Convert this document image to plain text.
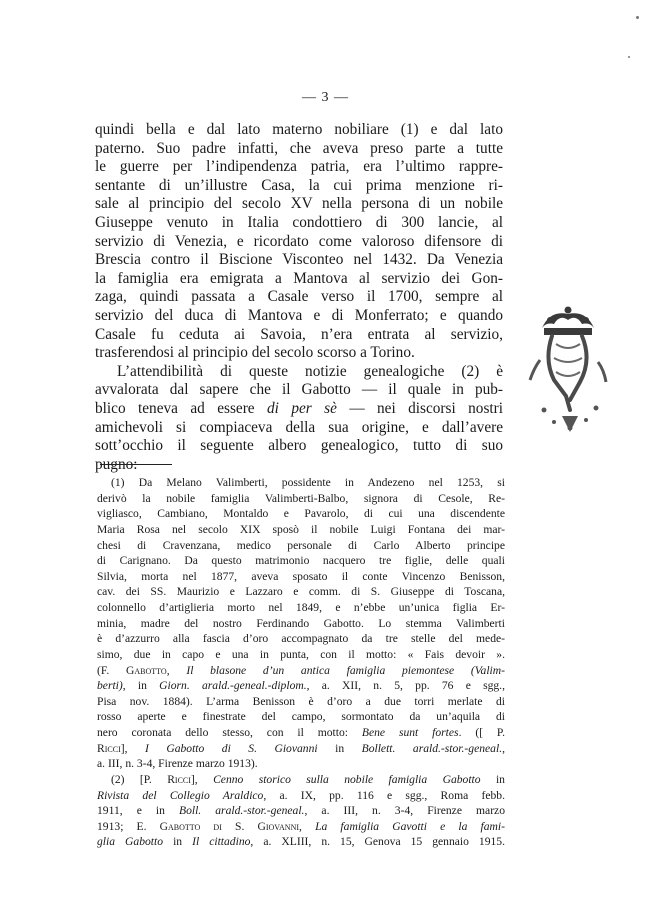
— 3 —
quindi bella e dal lato materno nobiliare (1) e dal lato
paterno. Suo padre infatti, che aveva preso parte a tutte
le guerre per l’indipendenza patria, era l’ultimo rappre-
sentante di un’illustre Casa, la cui prima menzione ri-
sale al principio del secolo XV nella persona di un nobile
Giuseppe venuto in Italia condottiero di 300 lancie, al
servizio di Venezia, e ricordato come valoroso difensore di
Brescia contro il Biscione Visconteo nel 1432. Da Venezia
la famiglia era emigrata a Mantova al servizio dei Gon-
zaga, quindi passata a Casale verso il 1700, sempre al
servizio del duca di Mantova e di Monferrato; e quando
Casale fu ceduta ai Savoia, n’era entrata al servizio,
trasferendosi al principio del secolo scorso a Torino.
L’attendibilità di queste notizie genealogiche (2) è
avvalorata dal sapere che il Gabotto — il quale in pub-
blico teneva ad essere di per sè — nei discorsi nostri
amichevoli si compiaceva della sua origine, e dall’avere
sott’occhio il seguente albero genealogico, tutto di suo
pugno:
(1) Da Melano Valimberti, possidente in Andezeno nel 1253, si
derivò la nobile famiglia Valimberti-Balbo, signora di Cesole, Re-
vigliasco, Cambiano, Montaldo e Pavarolo, di cui una discendente
Maria Rosa nel secolo XIX sposò il nobile Luigi Fontana dei mar-
chesi di Cravenzana, medico personale di Carlo Alberto principe
di Carignano. Da questo matrimonio nacquero tre figlie, delle quali
Silvia, morta nel 1877, aveva sposato il conte Vincenzo Benisson,
cav. dei SS. Maurizio e Lazzaro e comm. di S. Giuseppe di Toscana,
colonnello d’artiglieria morto nel 1849, e n’ebbe un’unica figlia Er-
minia, madre del nostro Ferdinando Gabotto. Lo stemma Valimberti
è d’azzurro alla fascia d’oro accompagnato da tre stelle del mede-
simo, due in capo e una in punta, con il motto: « Fais devoir ».
(F. Gabotto, Il blasone d’un antica famiglia piemontese (Valim-
berti), in Giorn. arald.-geneal.-diplom., a. XII, n. 5, pp. 76 e sgg.,
Pisa nov. 1884). L’arma Benisson è d’oro a due torri merlate di
rosso aperte e finestrate del campo, sormontato da un’aquila di
nero coronata dello stesso, con il motto: Bene sunt fortes. ([ P.
Ricci], I Gabotto di S. Giovanni in Bollett. arald.-stor.-geneal.,
a. III, n. 3-4, Firenze marzo 1913).
(2) [P. Ricci], Cenno storico sulla nobile famiglia Gabotto in
Rivista del Collegio Araldico, a. IX, pp. 116 e sgg., Roma febb.
1911, e in Boll. arald.-stor.-geneal., a. III, n. 3-4, Firenze marzo
1913; E. Gabotto di S. Giovanni, La famiglia Gavotti e la fami-
glia Gabotto in Il cittadino, a. XLIII, n. 15, Genova 15 gennaio 1915.
